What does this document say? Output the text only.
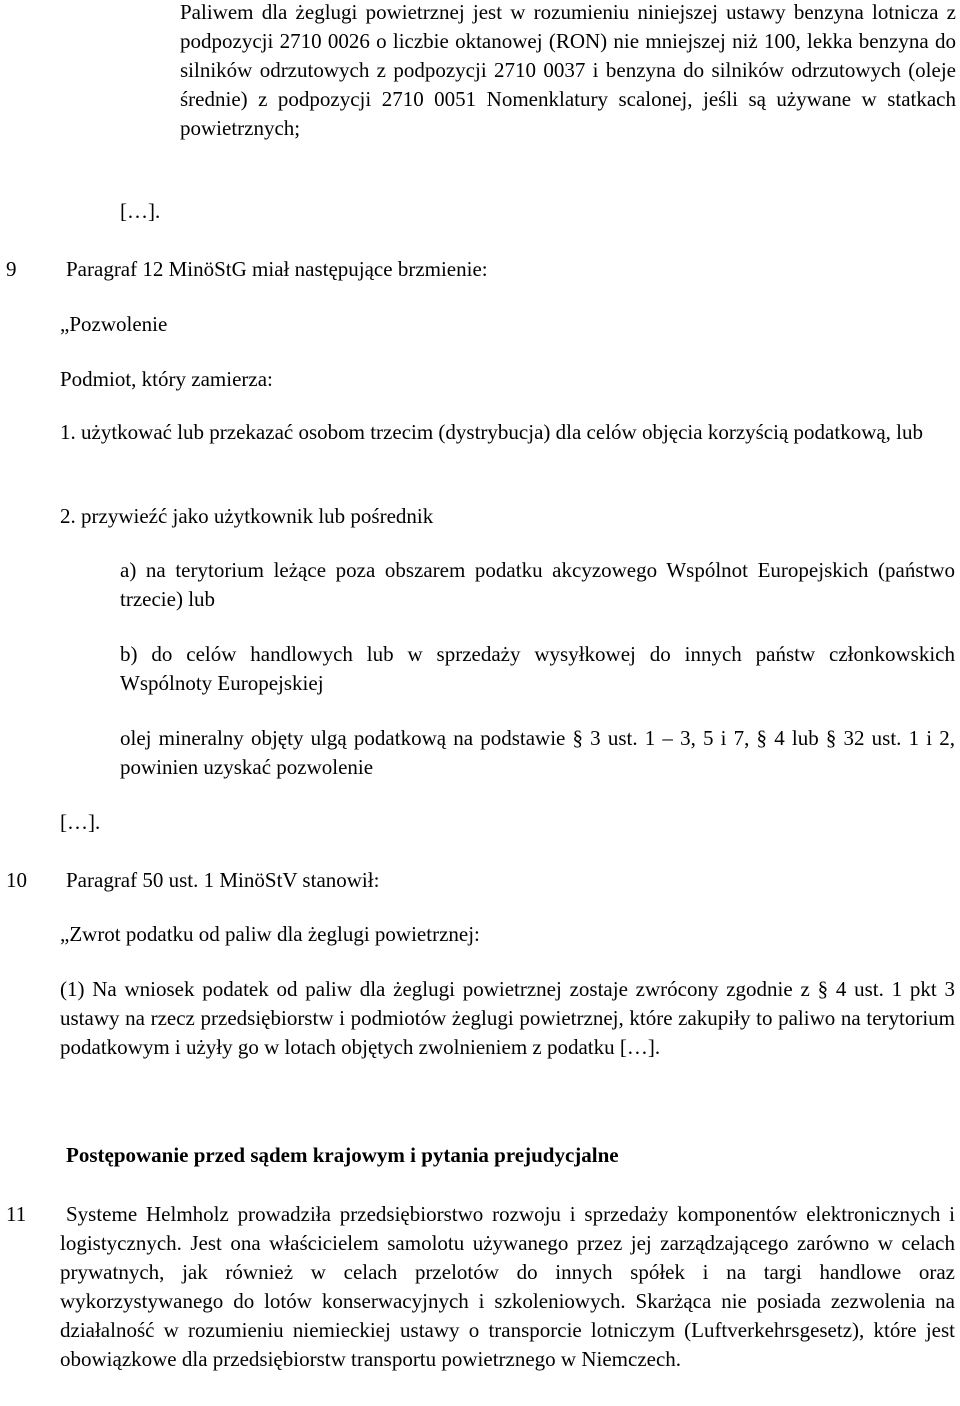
Paliwem dla żeglugi powietrznej jest w rozumieniu niniejszej ustawy benzyna lotnicza z podpozycji 2710 0026 o liczbie oktanowej (RON) nie mniejszej niż 100, lekka benzyna do silników odrzutowych z podpozycji 2710 0037 i benzyna do silników odrzutowych (oleje średnie) z podpozycji 2710 0051 Nomenklatury scalonej, jeśli są używane w statkach powietrznych;
[…].
9 Paragraf 12 MinöStG miał następujące brzmienie:
„Pozwolenie
Podmiot, który zamierza:
1. użytkować lub przekazać osobom trzecim (dystrybucja) dla celów objęcia korzyścią podatkową, lub
2. przywieźć jako użytkownik lub pośrednik
a) na terytorium leżące poza obszarem podatku akcyzowego Wspólnot Europejskich (państwo trzecie) lub
b) do celów handlowych lub w sprzedaży wysyłkowej do innych państw członkowskich Wspólnoty Europejskiej
olej mineralny objęty ulgą podatkową na podstawie § 3 ust. 1 – 3, 5 i 7, § 4 lub § 32 ust. 1 i 2, powinien uzyskać pozwolenie
[…].
10 Paragraf 50 ust. 1 MinöStV stanowił:
„Zwrot podatku od paliw dla żeglugi powietrznej:
(1) Na wniosek podatek od paliw dla żeglugi powietrznej zostaje zwrócony zgodnie z § 4 ust. 1 pkt 3 ustawy na rzecz przedsiębiorstw i podmiotów żeglugi powietrznej, które zakupiły to paliwo na terytorium podatkowym i użyły go w lotach objętych zwolnieniem z podatku […].
Postępowanie przed sądem krajowym i pytania prejudycjalne
11 Systeme Helmholz prowadziła przedsiębiorstwo rozwoju i sprzedaży komponentów elektronicznych i logistycznych. Jest ona właścicielem samolotu używanego przez jej zarządzającego zarówno w celach prywatnych, jak również w celach przelotów do innych spółek i na targi handlowe oraz wykorzystywanego do lotów konserwacyjnych i szkoleniowych. Skarżąca nie posiada zezwolenia na działalność w rozumieniu niemieckiej ustawy o transporcie lotniczym (Luftverkehrsgesetz), które jest obowiązkowe dla przedsiębiorstw transportu powietrznego w Niemczech.
